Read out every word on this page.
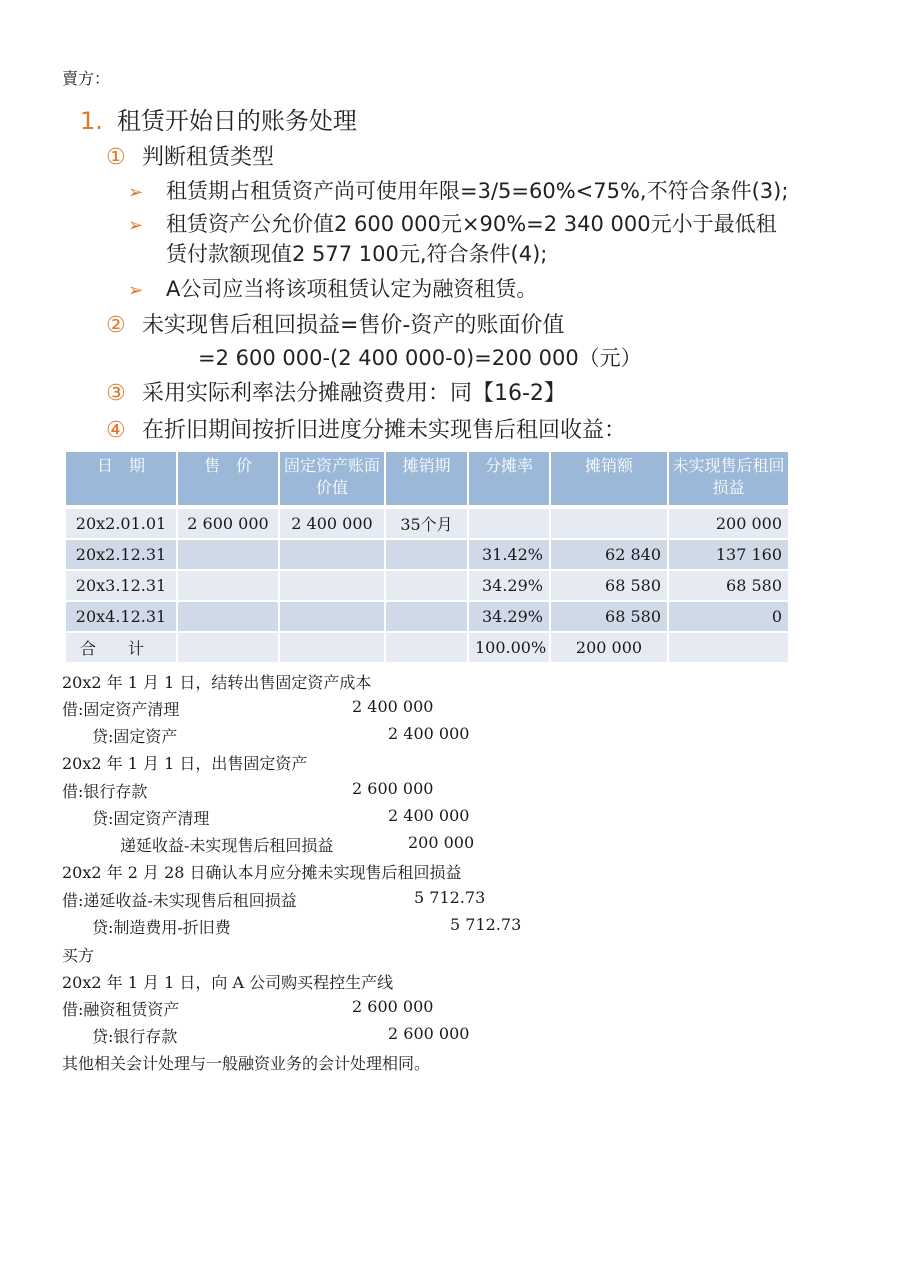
賣方：
1. 租赁开始日的账务处理
① 判断租赁类型
➢ 租赁期占租赁资产尚可使用年限=3/5=60%<75%,不符合条件(3);
➢ 租赁资产公允价值2 600 000元×90%=2 340 000元小于最低租
赁付款额现值2 577 100元,符合条件(4);
➢ A公司应当将该项租赁认定为融资租赁。
② 未实现售后租回损益=售价-资产的账面价值
=2 600 000-(2 400 000-0)=200 000（元）
③ 采用实际利率法分摊融资费用：同【16-2】
④ 在折旧期间按折旧进度分摊未实现售后租回收益：
日　期	售　价	固定资产账面价值	摊销期	分摊率	摊销额	未实现售后租回损益
20x2.01.01	2 600 000	2 400 000	35个月			200 000
20x2.12.31				31.42%	62 840	137 160
20x3.12.31				34.29%	68 580	68 580
20x4.12.31				34.29%	68 580	0
合　　计				100.00%	200 000	
20x2 年 1 月 1 日，结转出售固定资产成本
借:固定资产清理	2 400 000
贷:固定资产	2 400 000
20x2 年 1 月 1 日，出售固定资产
借:银行存款	2 600 000
贷:固定资产清理	2 400 000
递延收益-未实现售后租回损益	200 000
20x2 年 2 月 28 日确认本月应分摊未实现售后租回损益
借:递延收益-未实现售后租回损益	5 712.73
贷:制造费用-折旧费	5 712.73
买方
20x2 年 1 月 1 日，向 A 公司购买程控生产线
借:融资租赁资产	2 600 000
贷:银行存款	2 600 000
其他相关会计处理与一般融资业务的会计处理相同。
